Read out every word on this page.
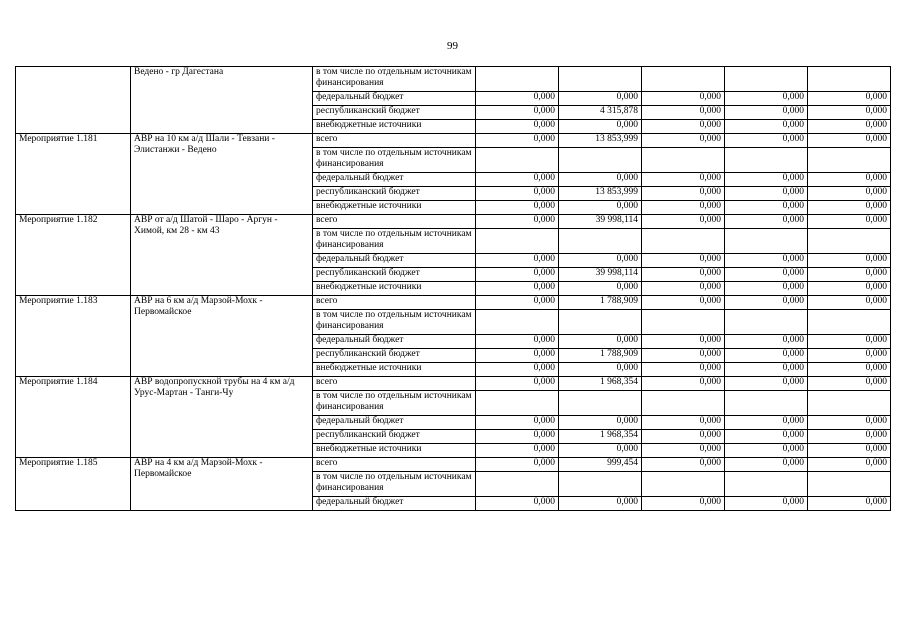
99
	Ведено - гр Дагестана	в том числе по отдельным источникам финансирования					
		федеральный бюджет	0,000	0,000	0,000	0,000	0,000
		республиканский бюджет	0,000	4 315,878	0,000	0,000	0,000
		внебюджетные источники	0,000	0,000	0,000	0,000	0,000
Мероприятие 1.181	АВР на 10 км а/д Шали - Тевзани - Элистанжи - Ведено	всего	0,000	13 853,999	0,000	0,000	0,000
		в том числе по отдельным источникам финансирования					
		федеральный бюджет	0,000	0,000	0,000	0,000	0,000
		республиканский бюджет	0,000	13 853,999	0,000	0,000	0,000
		внебюджетные источники	0,000	0,000	0,000	0,000	0,000
Мероприятие 1.182	АВР от а/д Шатой - Шаро - Аргун - Химой, км 28 - км 43	всего	0,000	39 998,114	0,000	0,000	0,000
		в том числе по отдельным источникам финансирования					
		федеральный бюджет	0,000	0,000	0,000	0,000	0,000
		республиканский бюджет	0,000	39 998,114	0,000	0,000	0,000
		внебюджетные источники	0,000	0,000	0,000	0,000	0,000
Мероприятие 1.183	АВР на 6 км а/д Марзой-Мохк - Первомайское	всего	0,000	1 788,909	0,000	0,000	0,000
		в том числе по отдельным источникам финансирования					
		федеральный бюджет	0,000	0,000	0,000	0,000	0,000
		республиканский бюджет	0,000	1 788,909	0,000	0,000	0,000
		внебюджетные источники	0,000	0,000	0,000	0,000	0,000
Мероприятие 1.184	АВР водопропускной трубы на 4 км а/д Урус-Мартан - Танги-Чу	всего	0,000	1 968,354	0,000	0,000	0,000
		в том числе по отдельным источникам финансирования					
		федеральный бюджет	0,000	0,000	0,000	0,000	0,000
		республиканский бюджет	0,000	1 968,354	0,000	0,000	0,000
		внебюджетные источники	0,000	0,000	0,000	0,000	0,000
Мероприятие 1.185	АВР на 4 км а/д Марзой-Мохк - Первомайское	всего	0,000	999,454	0,000	0,000	0,000
		в том числе по отдельным источникам финансирования					
		федеральный бюджет	0,000	0,000	0,000	0,000	0,000
